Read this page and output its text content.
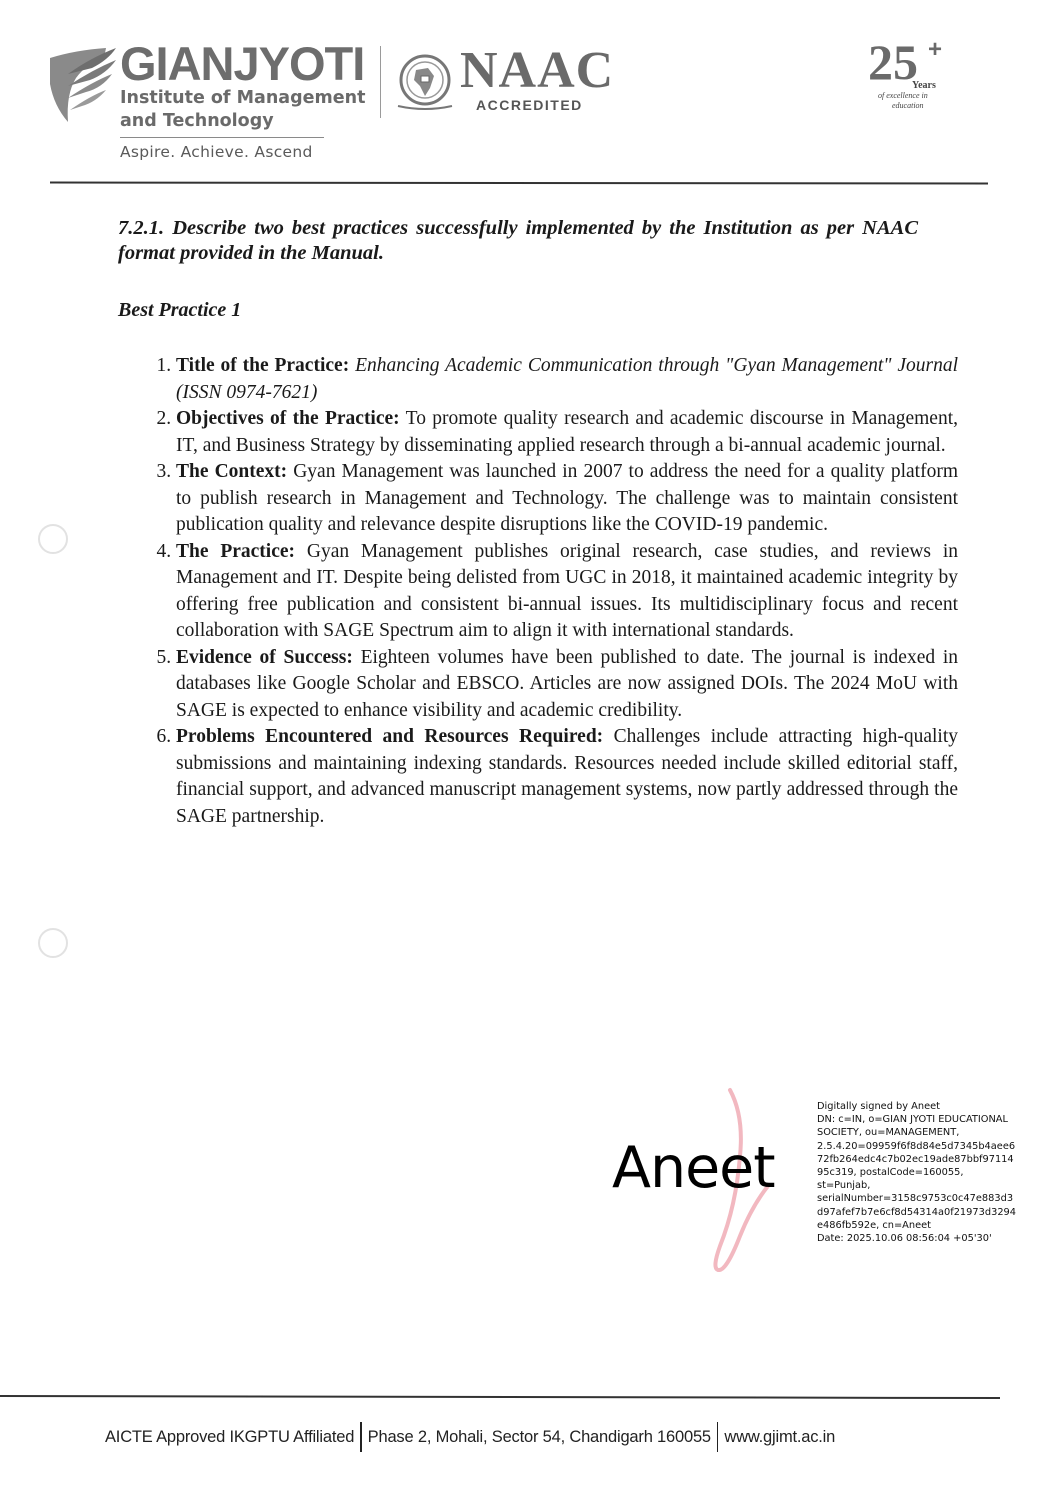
GIANJYOTI
Institute of Management
and Technology
Aspire. Achieve. Ascend
NAAC
ACCREDITED
25 +
Years
of excellence in
education
7.2.1. Describe two best practices successfully implemented by the Institution as per NAAC format provided in the Manual.
Best Practice 1
1. Title of the Practice: Enhancing Academic Communication through "Gyan Management" Journal (ISSN 0974-7621)
2. Objectives of the Practice: To promote quality research and academic discourse in Management, IT, and Business Strategy by disseminating applied research through a bi-annual academic journal.
3. The Context: Gyan Management was launched in 2007 to address the need for a quality platform to publish research in Management and Technology. The challenge was to maintain consistent publication quality and relevance despite disruptions like the COVID-19 pandemic.
4. The Practice: Gyan Management publishes original research, case studies, and reviews in Management and IT. Despite being delisted from UGC in 2018, it maintained academic integrity by offering free publication and consistent bi-annual issues. Its multidisciplinary focus and recent collaboration with SAGE Spectrum aim to align it with international standards.
5. Evidence of Success: Eighteen volumes have been published to date. The journal is indexed in databases like Google Scholar and EBSCO. Articles are now assigned DOIs. The 2024 MoU with SAGE is expected to enhance visibility and academic credibility.
6. Problems Encountered and Resources Required: Challenges include attracting high-quality submissions and maintaining indexing standards. Resources needed include skilled editorial staff, financial support, and advanced manuscript management systems, now partly addressed through the SAGE partnership.
Aneet
Digitally signed by Aneet
DN: c=IN, o=GIAN JYOTI EDUCATIONAL
SOCIETY, ou=MANAGEMENT,
2.5.4.20=09959f6f8d84e5d7345b4aee6
72fb264edc4c7b02ec19ade87bbf97114
95c319, postalCode=160055,
st=Punjab,
serialNumber=3158c9753c0c47e883d3
d97afef7b7e6cf8d54314a0f21973d3294
e486fb592e, cn=Aneet
Date: 2025.10.06 08:56:04 +05'30'
AICTE Approved IKGPTU Affiliated Phase 2, Mohali, Sector 54, Chandigarh 160055 www.gjimt.ac.in
